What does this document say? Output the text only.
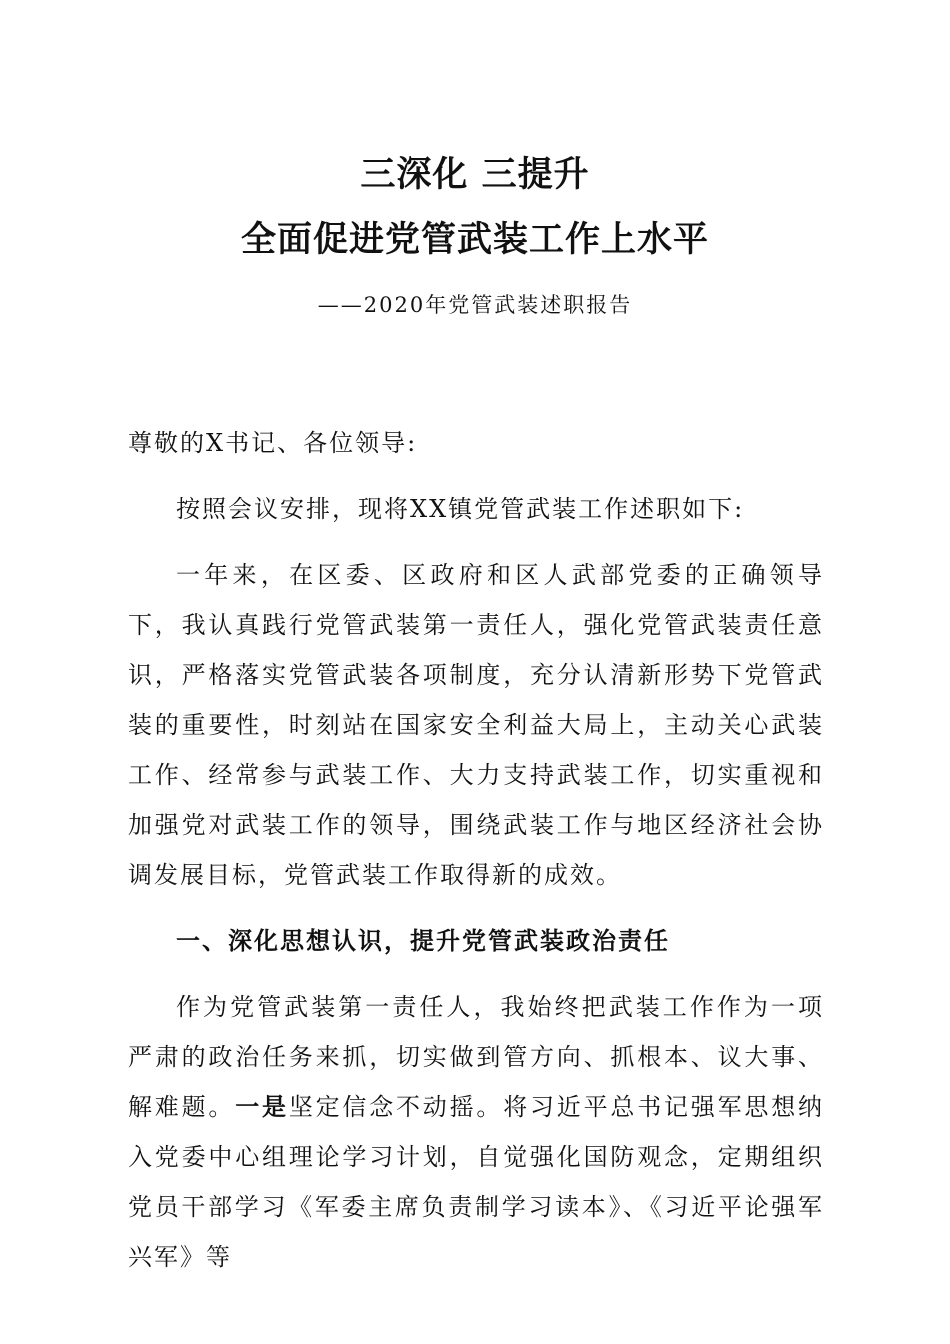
三深化 三提升
全面促进党管武装工作上水平

——2020年党管武装述职报告

尊敬的X书记、各位领导:

按照会议安排，现将XX镇党管武装工作述职如下:

一年来，在区委、区政府和区人武部党委的正确领导下，我认真践行党管武装第一责任人，强化党管武装责任意识，严格落实党管武装各项制度，充分认清新形势下党管武装的重要性，时刻站在国家安全利益大局上，主动关心武装工作、经常参与武装工作、大力支持武装工作，切实重视和加强党对武装工作的领导，围绕武装工作与地区经济社会协调发展目标，党管武装工作取得新的成效。

一、深化思想认识，提升党管武装政治责任

作为党管武装第一责任人，我始终把武装工作作为一项严肃的政治任务来抓，切实做到管方向、抓根本、议大事、解难题。一是坚定信念不动摇。将习近平总书记强军思想纳入党委中心组理论学习计划，自觉强化国防观念，定期组织党员干部学习《军委主席负责制学习读本》、《习近平论强军兴军》等
